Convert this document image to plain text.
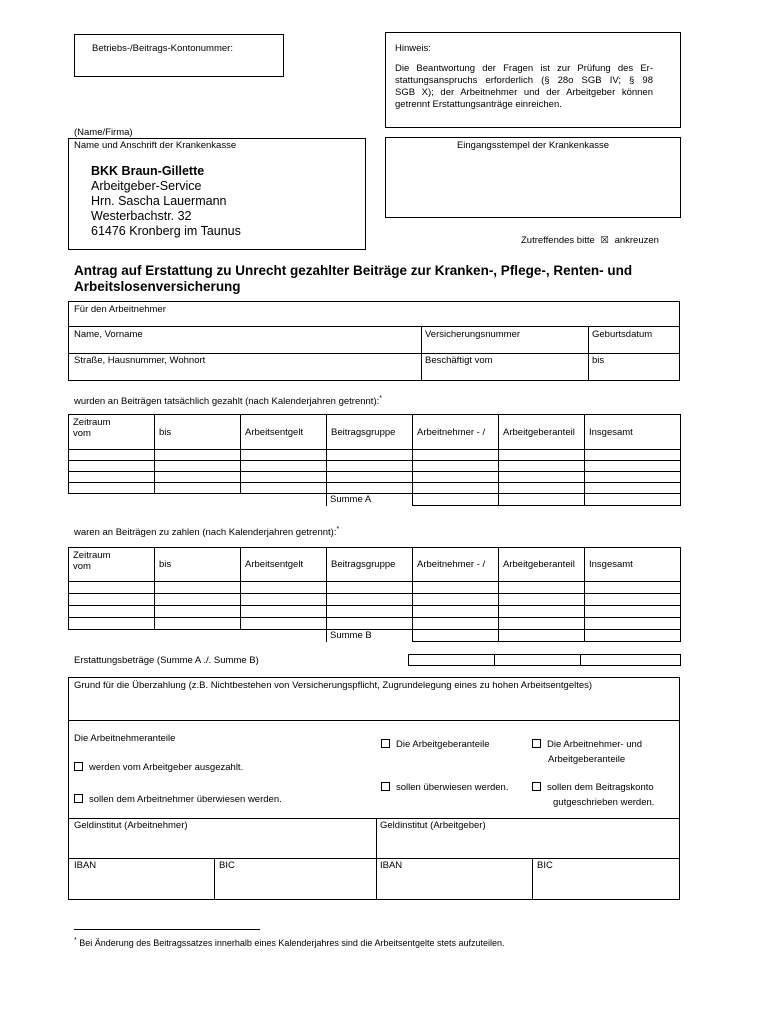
Betriebs-/Beitrags-Kontonummer:	Hinweis:
Die Beantwortung der Fragen ist zur Prüfung des Er-
stattungsanspruchs erforderlich (§ 28o SGB IV; § 98
SGB X); der Arbeitnehmer und der Arbeitgeber können
getrennt Erstattungsanträge einreichen.
(Name/Firma)
Name und Anschrift der Krankenkasse
BKK Braun-Gillette
Arbeitgeber-Service
Hrn. Sascha Lauermann
Westerbachstr. 32
61476 Kronberg im Taunus
Eingangsstempel der Krankenkasse
Zutreffendes bitte ☒ ankreuzen
Antrag auf Erstattung zu Unrecht gezahlter Beiträge zur Kranken-, Pflege-, Renten- und Arbeitslosenversicherung
Für den Arbeitnehmer
Name, Vorname	Versicherungsnummer	Geburtsdatum
Straße, Hausnummer, Wohnort	Beschäftigt vom	bis
wurden an Beiträgen tatsächlich gezahlt (nach Kalenderjahren getrennt):*
Zeitraum
vom	bis	Arbeitsentgelt	Beitragsgruppe	Arbeitnehmer - /	Arbeitgeberanteil	Insgesamt

			Summe A			
waren an Beiträgen zu zahlen (nach Kalenderjahren getrennt):*
Zeitraum
vom	bis	Arbeitsentgelt	Beitragsgruppe	Arbeitnehmer - /	Arbeitgeberanteil	Insgesamt

			Summe B			
Erstattungsbeträge (Summe A ./. Summe B)

Grund für die Überzahlung (z.B. Nichtbestehen von Versicherungspflicht, Zugrundelegung eines zu hohen Arbeitsentgeltes)
Die Arbeitnehmeranteile
werden vom Arbeitgeber ausgezahlt.
sollen dem Arbeitnehmer überwiesen werden.
Die Arbeitgeberanteile	Die Arbeitnehmer- und
Arbeitgeberanteile
sollen überwiesen werden.	sollen dem Beitragskonto
gutgeschrieben werden.
Geldinstitut (Arbeitnehmer)	Geldinstitut (Arbeitgeber)
IBAN	BIC	IBAN	BIC
* Bei Änderung des Beitragssatzes innerhalb eines Kalenderjahres sind die Arbeitsentgelte stets aufzuteilen.
